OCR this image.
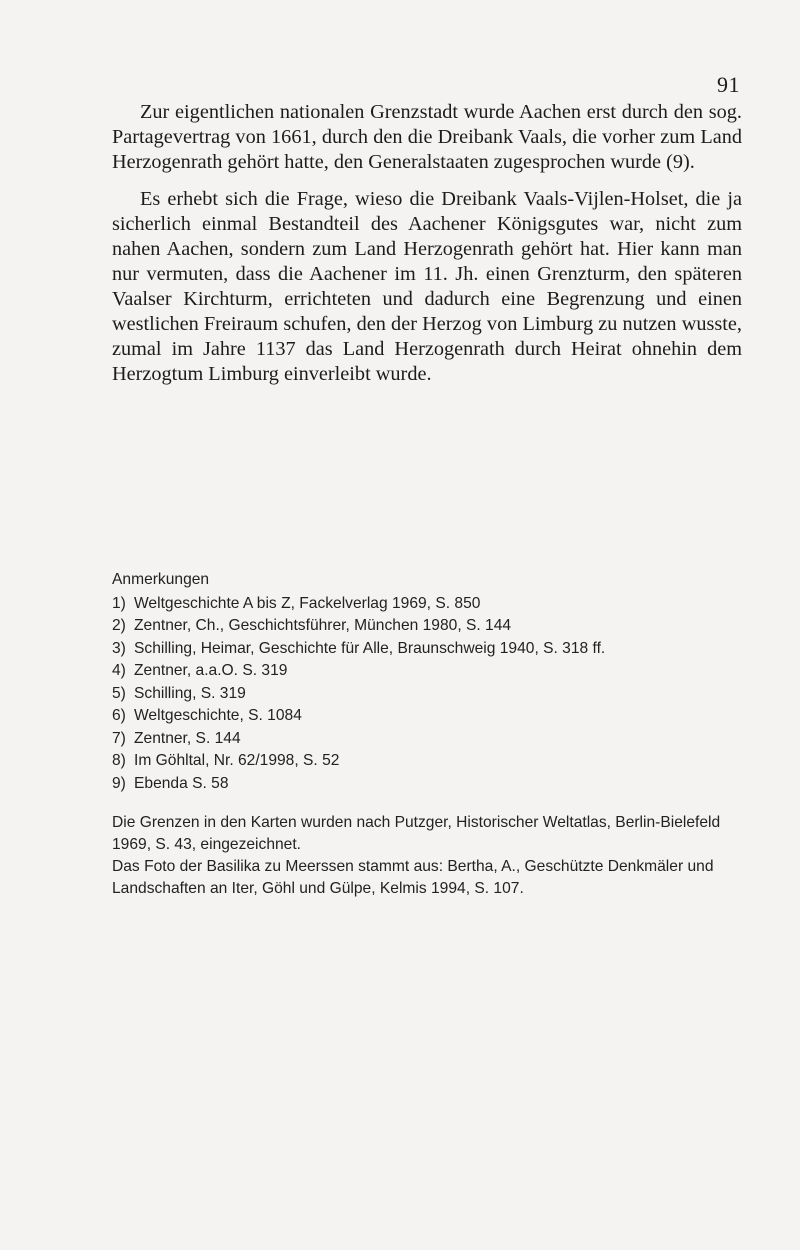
91

Zur eigentlichen nationalen Grenzstadt wurde Aachen erst durch den sog. Partagevertrag von 1661, durch den die Dreibank Vaals, die vorher zum Land Herzogenrath gehört hatte, den Generalstaaten zugesprochen wurde (9).

Es erhebt sich die Frage, wieso die Dreibank Vaals-Vijlen-Holset, die ja sicherlich einmal Bestandteil des Aachener Königsgutes war, nicht zum nahen Aachen, sondern zum Land Herzogenrath gehört hat. Hier kann man nur vermuten, dass die Aachener im 11. Jh. einen Grenzturm, den späteren Vaalser Kirchturm, errichteten und dadurch eine Begrenzung und einen westlichen Freiraum schufen, den der Herzog von Limburg zu nutzen wusste, zumal im Jahre 1137 das Land Herzogenrath durch Heirat ohnehin dem Herzogtum Limburg einverleibt wurde.

Anmerkungen
1) Weltgeschichte A bis Z, Fackelverlag 1969, S. 850
2) Zentner, Ch., Geschichtsführer, München 1980, S. 144
3) Schilling, Heimar, Geschichte für Alle, Braunschweig 1940, S. 318 ff.
4) Zentner, a.a.O. S. 319
5) Schilling, S. 319
6) Weltgeschichte, S. 1084
7) Zentner, S. 144
8) Im Göhltal, Nr. 62/1998, S. 52
9) Ebenda S. 58

Die Grenzen in den Karten wurden nach Putzger, Historischer Weltatlas, Berlin-Bielefeld 1969, S. 43, eingezeichnet.

Das Foto der Basilika zu Meerssen stammt aus: Bertha, A., Geschützte Denkmäler und Landschaften an Iter, Göhl und Gülpe, Kelmis 1994, S. 107.
